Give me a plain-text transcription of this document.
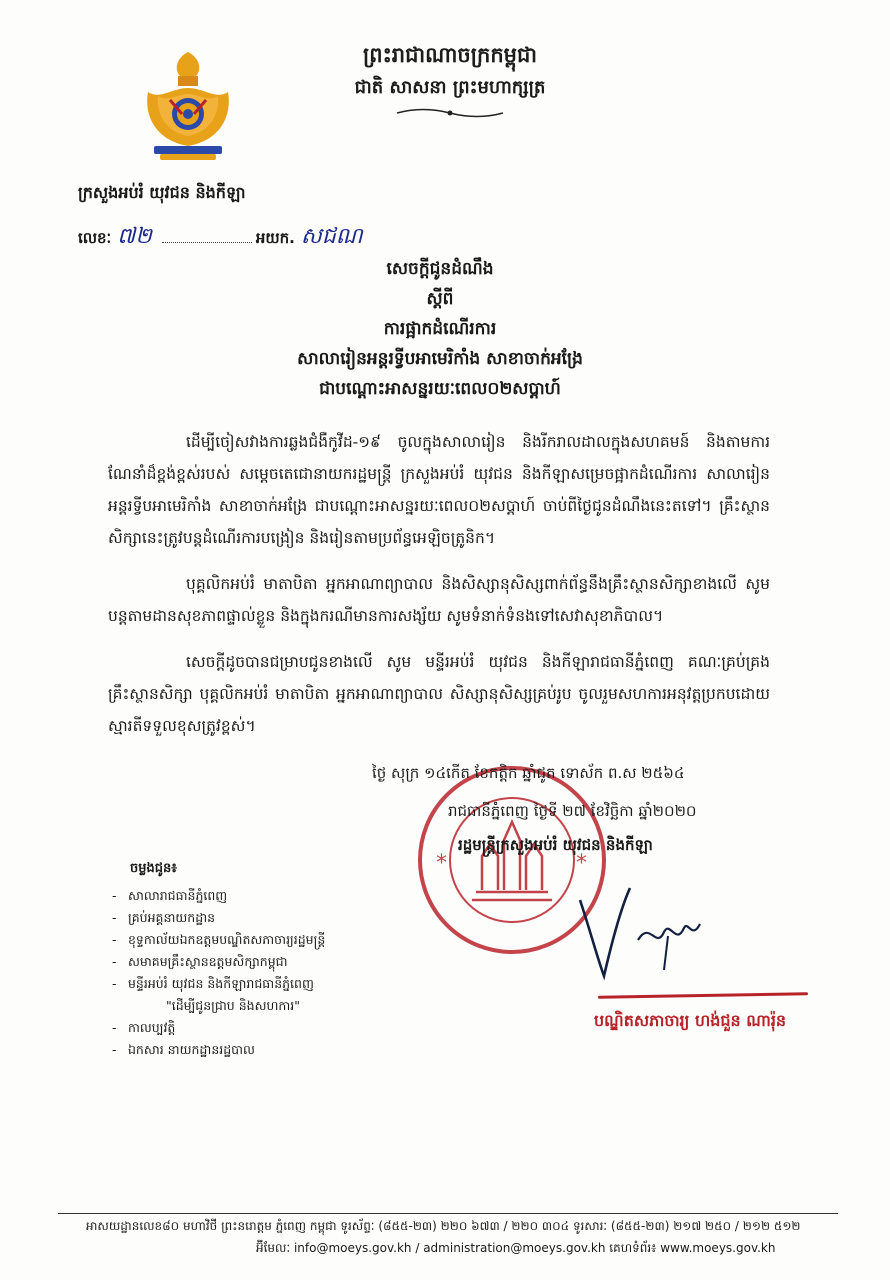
ព្រះរាជាណាចក្រកម្ពុជា
ជាតិ សាសនា ព្រះមហាក្សត្រ
ក្រសួងអប់រំ យុវជន និងកីឡា
លេខៈ ៧២	អយក. សជណ
សេចក្ដីជូនដំណឹង
ស្ដីពី
ការផ្អាកដំណើរការ
សាលារៀនអន្តរទ្វីបអាមេរិកាំង សាខាចាក់អង្រែ
ជាបណ្ដោះអាសន្នរយៈពេល០២សប្ដាហ៍

ដើម្បីចៀសវាងការឆ្លងជំងឺកូវីដ-១៩ ចូលក្នុងសាលារៀន និងរីករាលដាលក្នុងសហគមន៍ និងតាមការណែនាំដ៏ខ្ពង់ខ្ពស់របស់ សម្ដេចតេជោនាយករដ្ឋមន្ត្រី ក្រសួងអប់រំ យុវជន និងកីឡាសម្រេចផ្អាកដំណើរការ សាលារៀនអន្តរទ្វីបអាមេរិកាំង សាខាចាក់អង្រែ ជាបណ្ដោះអាសន្នរយៈពេល០២សប្ដាហ៍ ចាប់ពីថ្ងៃជូនដំណឹងនេះតទៅ។ គ្រឹះស្ថានសិក្សានេះត្រូវបន្តដំណើរការបង្រៀន និងរៀនតាមប្រព័ន្ធអេឡិចត្រូនិក។

បុគ្គលិកអប់រំ មាតាបិតា អ្នកអាណាព្យាបាល និងសិស្សានុសិស្សពាក់ព័ន្ធនឹងគ្រឹះស្ថានសិក្សាខាងលើ សូមបន្តតាមដានសុខភាពផ្ទាល់ខ្លួន និងក្នុងករណីមានការសង្ស័យ សូមទំនាក់ទំនងទៅសេវាសុខាភិបាល។

សេចក្ដីដូចបានជម្រាបជូនខាងលើ សូម មន្ទីរអប់រំ យុវជន និងកីឡារាជធានីភ្នំពេញ គណៈគ្រប់គ្រងគ្រឹះស្ថានសិក្សា បុគ្គលិកអប់រំ មាតាបិតា អ្នកអាណាព្យាបាល សិស្សានុសិស្សគ្រប់រូប ចូលរួមសហការអនុវត្តប្រកបដោយស្មារតីទទួលខុសត្រូវខ្ពស់។

*	*
ថ្ងៃ សុក្រ ១៤កើត ខែកត្តិក ឆ្នាំជូត ទោស័ក ព.ស ២៥៦៤
រាជធានីភ្នំពេញ ថ្ងៃទី ២៧ ខែវិច្ឆិកា ឆ្នាំ២០២០
រដ្ឋមន្ត្រីក្រសួងអប់រំ យុវជន និងកីឡា
បណ្ឌិតសភាចារ្យ ហង់ជួន ណារ៉ុន
ចម្លងជូន៖
- សាលារាជធានីភ្នំពេញ
- គ្រប់អគ្គនាយកដ្ឋាន
- ខុទ្ទកាល័យឯកឧត្តមបណ្ឌិតសភាចារ្យរដ្ឋមន្ត្រី
- សមាគមគ្រឹះស្ថានឧត្តមសិក្សាកម្ពុជា
- មន្ទីរអប់រំ យុវជន និងកីឡារាជធានីភ្នំពេញ
"ដើម្បីជូនជ្រាប និងសហការ"
- កាលប្បវត្តិ
- ឯកសារ នាយកដ្ឋានរដ្ឋបាល
អាសយដ្ឋានលេខ៨០ មហាវិថី ព្រះនរោត្តម ភ្នំពេញ កម្ពុជា ទូរស័ព្ទៈ (៨៥៥-២៣) ២២០ ៦៧៣ / ២២០ ៣០៤ ទូរសារៈ (៨៥៥-២៣) ២១៧ ២៥០ / ២១២ ៥១២
អ៊ីមែលៈ info@moeys.gov.kh / administration@moeys.gov.kh គេហទំព័រ៖ www.moeys.gov.kh
